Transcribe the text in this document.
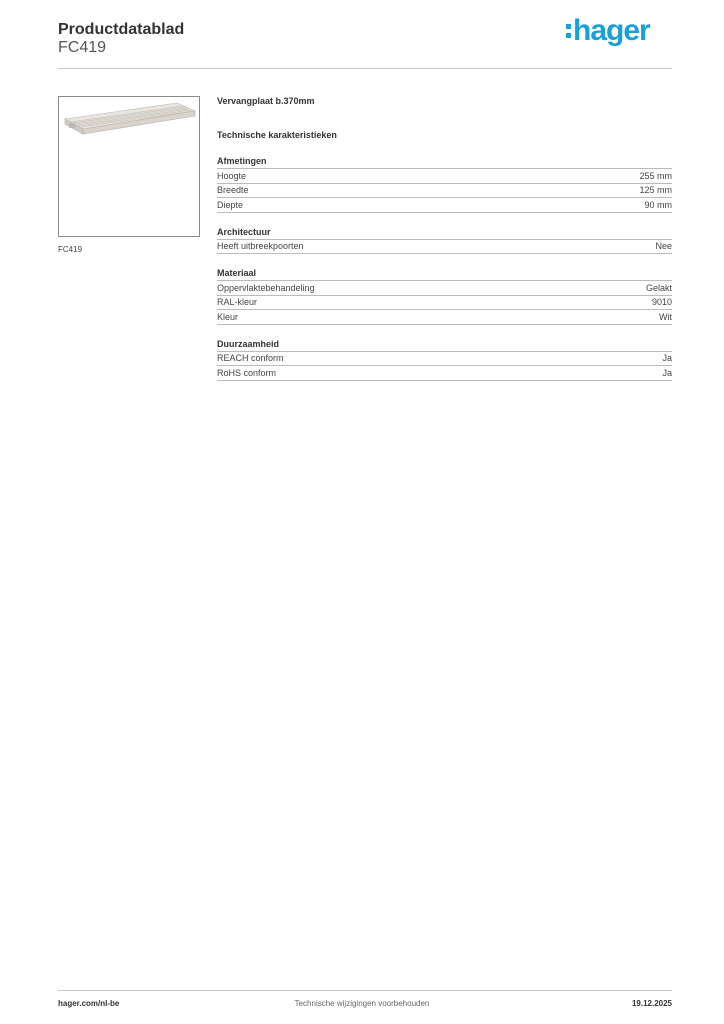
Productdatablad
FC419
hager
FC419
Vervangplaat b.370mm
Technische karakteristieken
Afmetingen
Hoogte	255 mm
Breedte	125 mm
Diepte	90 mm
Architectuur
Heeft uitbreekpoorten	Nee
Materiaal
Oppervlaktebehandeling	Gelakt
RAL-kleur	9010
Kleur	Wit
Duurzaamheid
REACH conform	Ja
RoHS conform	Ja
hager.com/nl-be	Technische wijzigingen voorbehouden	19.12.2025
